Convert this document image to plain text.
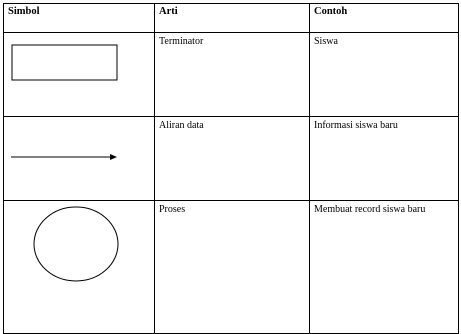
Simbol	Arti	Contoh

	Terminator	Siswa

	Aliran data	Informasi siswa baru

	Proses	Membuat record siswa baru
